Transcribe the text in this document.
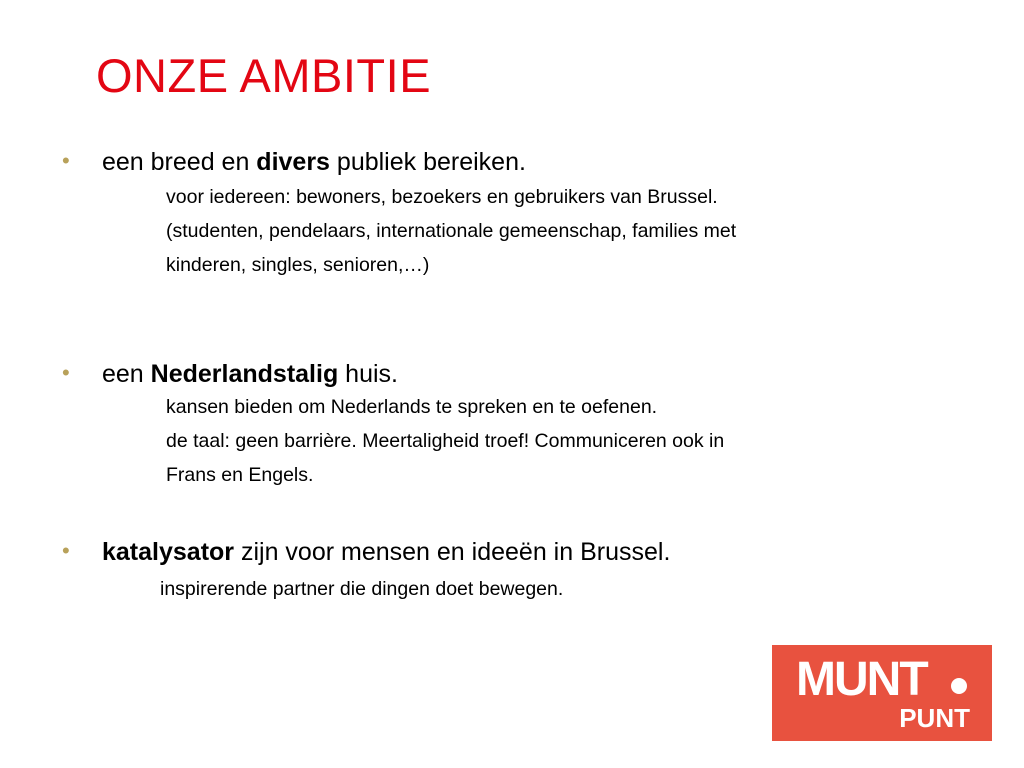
ONZE AMBITIE
• een breed en divers publiek bereiken.
voor iedereen: bewoners, bezoekers en gebruikers van Brussel.
(studenten, pendelaars, internationale gemeenschap, families met
kinderen, singles, senioren,…)
• een Nederlandstalig huis.
kansen bieden om Nederlands te spreken en te oefenen.
de taal: geen barrière. Meertaligheid troef! Communiceren ook in
Frans en Engels.
• katalysator zijn voor mensen en ideeën in Brussel.
inspirerende partner die dingen doet bewegen.
MUNT
PUNT
